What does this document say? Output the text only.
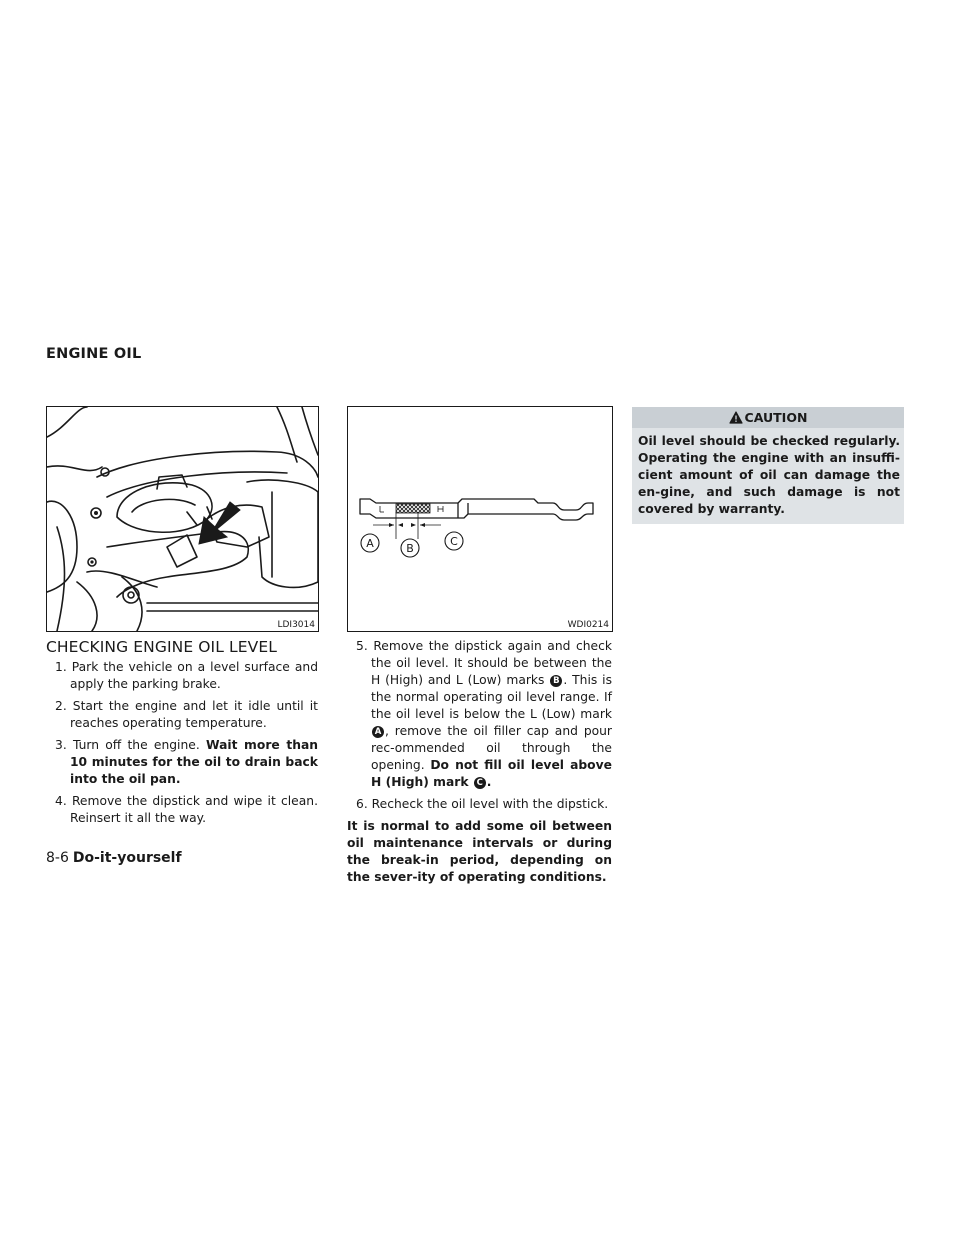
ENGINE OIL
LDI3014
A	B
C
WDI0214
CAUTION
Oil level should be checked regularly. Operating the engine with an insuffi-cient amount of oil can damage the en-gine, and such damage is not covered by warranty.
CHECKING ENGINE OIL LEVEL
1. Park the vehicle on a level surface and apply the parking brake.
2. Start the engine and let it idle until it reaches operating temperature.
3. Turn off the engine. Wait more than 10 minutes for the oil to drain back into the oil pan.
4. Remove the dipstick and wipe it clean. Reinsert it all the way.
5. Remove the dipstick again and check the oil level. It should be between the H (High) and L (Low) marks B . This is the normal operating oil level range. If the oil level is below the L (Low) mark A , remove the oil filler cap and pour rec-ommended oil through the opening. Do not fill oil level above H (High) mark C .
6. Recheck the oil level with the dipstick.
It is normal to add some oil between oil maintenance intervals or during the break-in period, depending on the sever-ity of operating conditions.
8-6 Do-it-yourself
